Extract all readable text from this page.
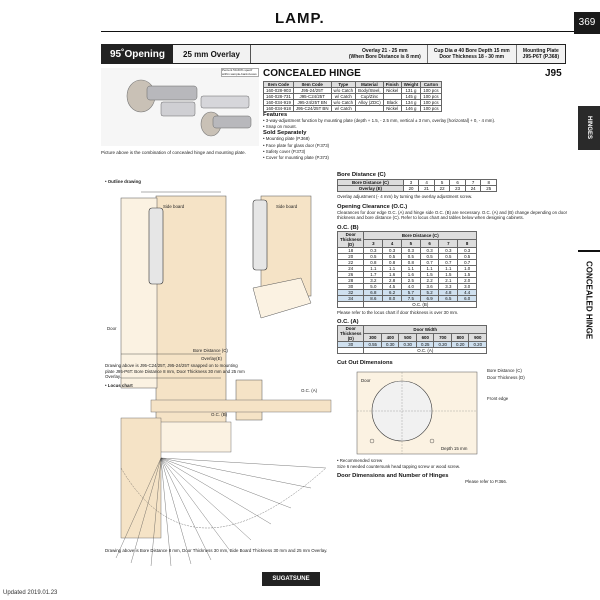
LAMP.	369
95˚Opening	25 mm Overlay	Overlay 21 - 25 mm
(When Bore Distance is 8 mm)
Cup Dia ø 40 Bore Depth 15 mm
Door Thickness 18 - 30 mm
Mounting Plate
J95-P6T (P.368)
Percent 50-60% specif within sample-bank-boxes
Picture above is the combination of concealed hinge and mounting plate.
CONCEALED HINGE	J95
Item Code	Item Code	Type	Material	Finish	Weight	Carton
160-028-903	J95-24/25T	w/o Catch	Body/Steel,	Nickel	131 g	100 pcs
160-028-731	J95-C24/25T	w/ Catch	Cup/Zinc		145 g	100 pcs
160-034-919	J95-24/25T BN	w/o Catch	Alloy (ZDC)	Black	134 g	100 pcs
160-034-918	J95-C24/25T BN	w/ Catch		Nickel	146 g	100 pcs
Features
• 3-way-adjustment function by mounting plate (depth + 1.5, - 2.5 mm, vertical ± 3 mm, overlay [horizontal] + 0, - 4 mm).
• Snap on mount.
Sold Separately
• Mounting plate (P.368)
• Face plate for glass door (P.373)
• Safety cover (P.373)
• Cover for mounting plate (P.373)
HINGES
CONCEALED HINGE
• Outline drawing
Side board	Side board
Door
Bore Distance (C)
Overlay(E)
Drawing above is J95-C24/25T, J95-24/25T snapped on to mounting plate J95-P6T: Bore Distance 8 mm, Door Thickness 30 mm and 25 mm Overlay.
• Locus chart
O.C. (A)
O.C. (B)
Drawing above is Bore Distance 8 mm, Door Thickness 30 mm, Side Board Thickness 30 mm and 25 mm Overlay.
Bore Distance (C)
Bore Distance (C)	3	4	5	6	7	8
Overlay (E)	20	21	22	23	24	25
Overlay adjustment (- 4 mm) by turning the overlay adjustment screw.
Opening Clearance (O.C.)
Clearances for door edge O.C. (A) and hinge side O.C. (B) are necessary. O.C. (A) and (B) change depending on door thickness and bore distance (C). Refer to locus chart and tables below when designing cabinets.
O.C. (B)
Door Thickness (D)	Bore Distance (C)					
	3	4	5	6	7	8
18	0.3	0.3	0.3	0.3	0.3	0.3
20	0.5	0.5	0.5	0.5	0.5	0.5
22	0.8	0.8	0.8	0.7	0.7	0.7
24	1.1	1.1	1.1	1.1	1.1	1.0
26	1.7	1.6	1.6	1.5	1.5	1.5
28	3.2	2.8	2.5	2.2	2.1	2.0
30	5.0	4.5	4.0	3.6	3.3	3.0
32	6.8	6.2	5.7	5.2	4.8	4.4
34	8.6	8.0	7.5	6.9	6.5	6.0
	O.C. (B)					
Please refer to the locus chart if door thickness is over 30 mm.
O.C. (A)
Door Thickness (D)	Door Width						
	300	400	500	600	700	800	900
30	0.55	0.30	0.30	0.25	0.20	0.20	0.20
	O.C. (A)						
Cut Out Dimensions
Bore Distance (C)
Door Thickness (D)
Front edge
Depth 15 mm
Door
• Recommended screw
Size 6 needed countersunk head tapping screw or wood screw.
Door Dimensions and Number of Hinges
Please refer to P.366.
SUGATSUNE
Updated 2019.01.23
